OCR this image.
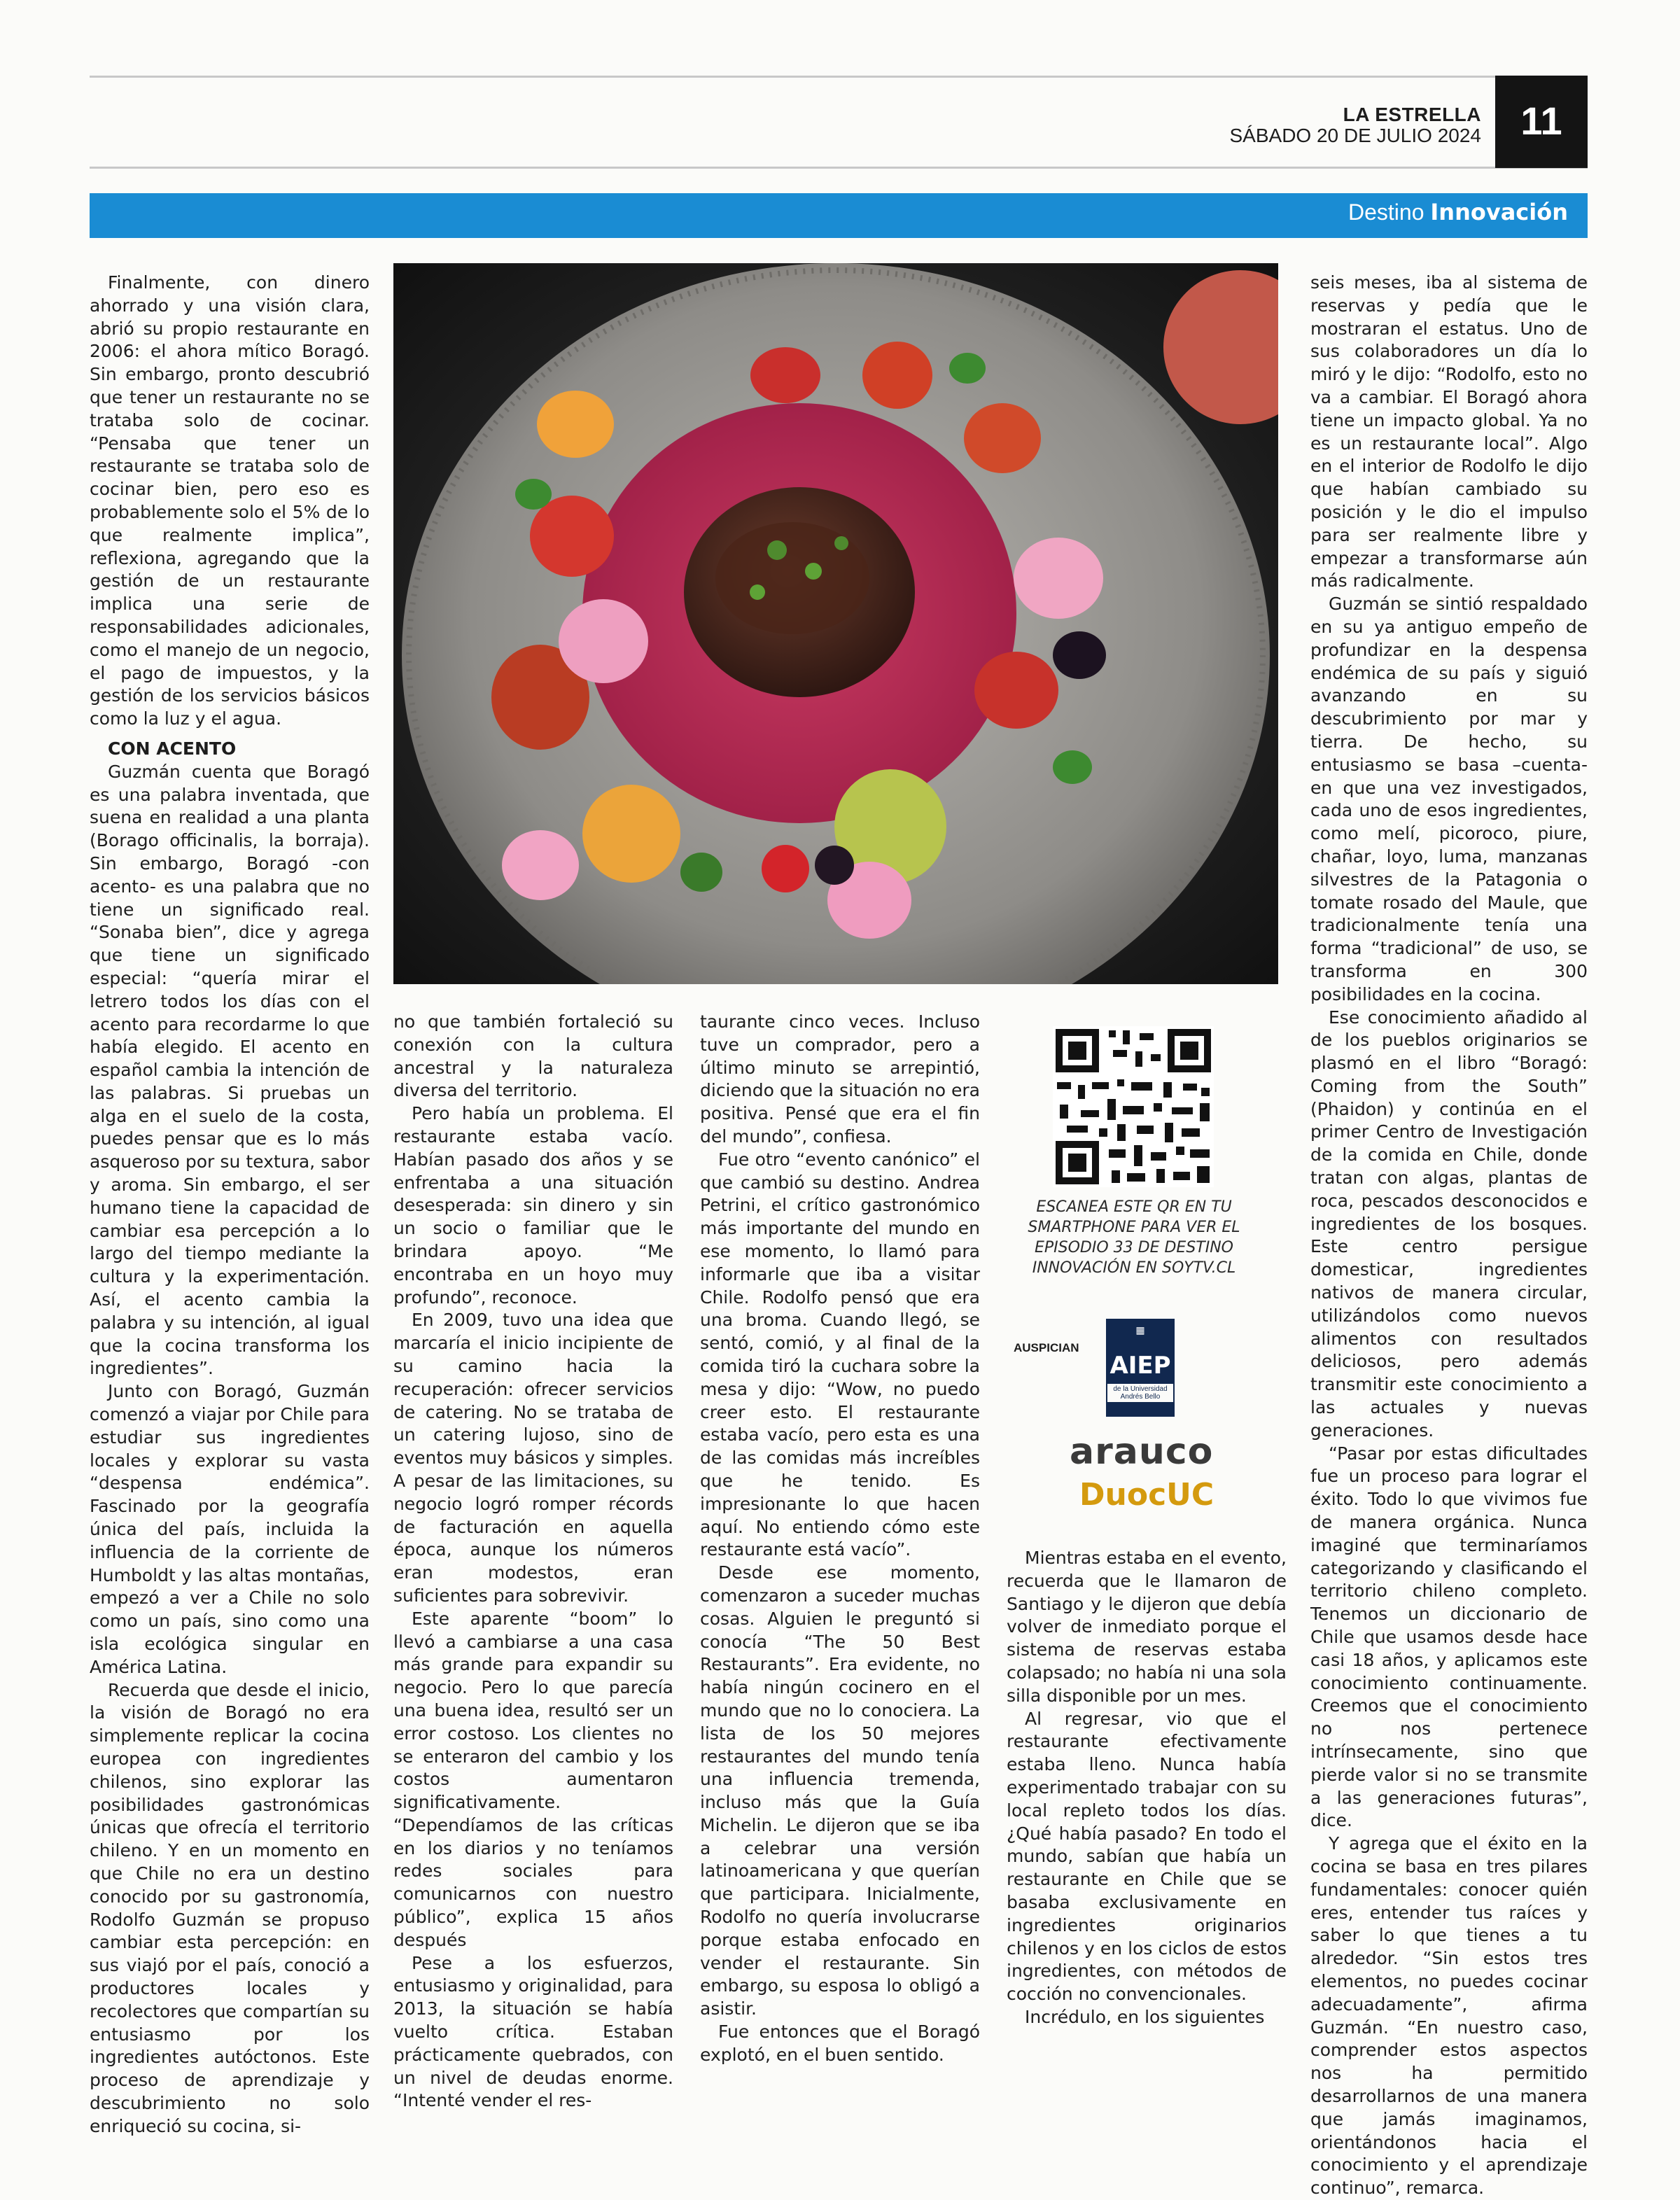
LA ESTRELLA
SÁBADO 20 DE JULIO 2024	11
Destino Innovación

Finalmente, con dinero ahorrado y una visión clara, abrió su propio restaurante en 2006: el ahora mítico Boragó. Sin embargo, pronto descubrió que tener un restaurante no se trataba solo de cocinar. “Pensaba que tener un restaurante se trataba solo de cocinar bien, pero eso es probablemente solo el 5% de lo que realmente implica”, reflexiona, agregando que la gestión de un restaurante implica una serie de responsabilidades adicionales, como el manejo de un negocio, el pago de impuestos, y la gestión de los servicios básicos como la luz y el agua.

CON ACENTO

Guzmán cuenta que Boragó es una palabra inventada, que suena en realidad a una planta (Borago officinalis, la borraja). Sin embargo, Boragó -con acento- es una palabra que no tiene un significado real. “Sonaba bien”, dice y agrega que tiene un significado especial: “quería mirar el letrero todos los días con el acento para recordarme lo que había elegido. El acento en español cambia la intención de las palabras. Si pruebas un alga en el suelo de la costa, puedes pensar que es lo más asqueroso por su textura, sabor y aroma. Sin embargo, el ser humano tiene la capacidad de cambiar esa percepción a lo largo del tiempo mediante la cultura y la experimentación. Así, el acento cambia la palabra y su intención, al igual que la cocina transforma los ingredientes”.

Junto con Boragó, Guzmán comenzó a viajar por Chile para estudiar sus ingredientes locales y explorar su vasta “despensa endémica”. Fascinado por la geografía única del país, incluida la influencia de la corriente de Humboldt y las altas montañas, empezó a ver a Chile no solo como un país, sino como una isla ecológica singular en América Latina.

Recuerda que desde el inicio, la visión de Boragó no era simplemente replicar la cocina europea con ingredientes chilenos, sino explorar las posibilidades gastronómicas únicas que ofrecía el territorio chileno. Y en un momento en que Chile no era un destino conocido por su gastronomía, Rodolfo Guzmán se propuso cambiar esta percepción: en sus viajó por el país, conoció a productores locales y recolectores que compartían su entusiasmo por los ingredientes autóctonos. Este proceso de aprendizaje y descubrimiento no solo enriqueció su cocina, si-

no que también fortaleció su conexión con la cultura ancestral y la naturaleza diversa del territorio.

Pero había un problema. El restaurante estaba vacío. Habían pasado dos años y se enfrentaba a una situación desesperada: sin dinero y sin un socio o familiar que le brindara apoyo. “Me encontraba en un hoyo muy profundo”, reconoce.

En 2009, tuvo una idea que marcaría el inicio incipiente de su camino hacia la recuperación: ofrecer servicios de catering. No se trataba de un catering lujoso, sino de eventos muy básicos y simples. A pesar de las limitaciones, su negocio logró romper récords de facturación en aquella época, aunque los números eran modestos, eran suficientes para sobrevivir.

Este aparente “boom” lo llevó a cambiarse a una casa más grande para expandir su negocio. Pero lo que parecía una buena idea, resultó ser un error costoso. Los clientes no se enteraron del cambio y los costos aumentaron significativamente. “Dependíamos de las críticas en los diarios y no teníamos redes sociales para comunicarnos con nuestro público”, explica 15 años después

Pese a los esfuerzos, entusiasmo y originalidad, para 2013, la situación se había vuelto crítica. Estaban prácticamente quebrados, con un nivel de deudas enorme. “Intenté vender el res-

taurante cinco veces. Incluso tuve un comprador, pero a último minuto se arrepintió, diciendo que la situación no era positiva. Pensé que era el fin del mundo”, confiesa.

Fue otro “evento canónico” el que cambió su destino. Andrea Petrini, el crítico gastronómico más importante del mundo en ese momento, lo llamó para informarle que iba a visitar Chile. Rodolfo pensó que era una broma. Cuando llegó, se sentó, comió, y al final de la comida tiró la cuchara sobre la mesa y dijo: “Wow, no puedo creer esto. El restaurante estaba vacío, pero esta es una de las comidas más increíbles que he tenido. Es impresionante lo que hacen aquí. No entiendo cómo este restaurante está vacío”.

Desde ese momento, comenzaron a suceder muchas cosas. Alguien le preguntó si conocía “The 50 Best Restaurants”. Era evidente, no había ningún cocinero en el mundo que no lo conociera. La lista de los 50 mejores restaurantes del mundo tenía una influencia tremenda, incluso más que la Guía Michelin. Le dijeron que se iba a celebrar una versión latinoamericana y que querían que participara. Inicialmente, Rodolfo no quería involucrarse porque estaba enfocado en vender el restaurante. Sin embargo, su esposa lo obligó a asistir.

Fue entonces que el Boragó explotó, en el buen sentido.

ESCANEA ESTE QR EN TU SMARTPHONE PARA VER EL EPISODIO 33 DE DESTINO INNOVACIÓN EN SOYTV.CL
AUSPICIAN
▦
AIEP
de la Universidad Andrés Bello
arauco
DuocUC

Mientras estaba en el evento, recuerda que le llamaron de Santiago y le dijeron que debía volver de inmediato porque el sistema de reservas estaba colapsado; no había ni una sola silla disponible por un mes.

Al regresar, vio que el restaurante efectivamente estaba lleno. Nunca había experimentado trabajar con su local repleto todos los días. ¿Qué había pasado? En todo el mundo, sabían que había un restaurante en Chile que se basaba exclusivamente en ingredientes originarios chilenos y en los ciclos de estos ingredientes, con métodos de cocción no convencionales.

Incrédulo, en los siguientes

seis meses, iba al sistema de reservas y pedía que le mostraran el estatus. Uno de sus colaboradores un día lo miró y le dijo: “Rodolfo, esto no va a cambiar. El Boragó ahora tiene un impacto global. Ya no es un restaurante local”. Algo en el interior de Rodolfo le dijo que habían cambiado su posición y le dio el impulso para ser realmente libre y empezar a transformarse aún más radicalmente.

Guzmán se sintió respaldado en su ya antiguo empeño de profundizar en la despensa endémica de su país y siguió avanzando en su descubrimiento por mar y tierra. De hecho, su entusiasmo se basa –cuenta- en que una vez investigados, cada uno de esos ingredientes, como melí, picoroco, piure, chañar, loyo, luma, manzanas silvestres de la Patagonia o tomate rosado del Maule, que tradicionalmente tenía una forma “tradicional” de uso, se transforma en 300 posibilidades en la cocina.

Ese conocimiento añadido al de los pueblos originarios se plasmó en el libro “Boragó: Coming from the South” (Phaidon) y continúa en el primer Centro de Investigación de la comida en Chile, donde tratan con algas, plantas de roca, pescados desconocidos e ingredientes de los bosques. Este centro persigue domesticar, ingredientes nativos de manera circular, utilizándolos como nuevos alimentos con resultados deliciosos, pero además transmitir este conocimiento a las actuales y nuevas generaciones.

“Pasar por estas dificultades fue un proceso para lograr el éxito. Todo lo que vivimos fue de manera orgánica. Nunca imaginé que terminaríamos categorizando y clasificando el territorio chileno completo. Tenemos un diccionario de Chile que usamos desde hace casi 18 años, y aplicamos este conocimiento continuamente. Creemos que el conocimiento no nos pertenece intrínsecamente, sino que pierde valor si no se transmite a las generaciones futuras”, dice.

Y agrega que el éxito en la cocina se basa en tres pilares fundamentales: conocer quién eres, entender tus raíces y saber lo que tienes a tu alrededor. “Sin estos tres elementos, no puedes cocinar adecuadamente”, afirma Guzmán. “En nuestro caso, comprender estos aspectos nos ha permitido desarrollarnos de una manera que jamás imaginamos, orientándonos hacia el conocimiento y el aprendizaje continuo”, remarca.
